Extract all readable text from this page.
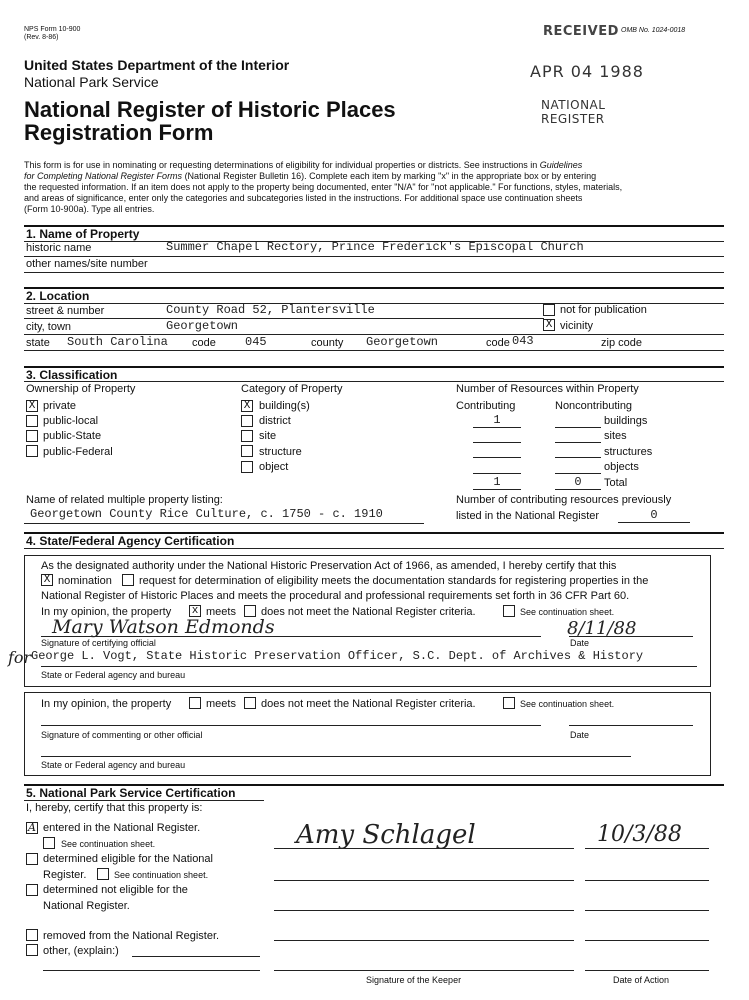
NPS Form 10-900
(Rev. 8-86)	RECEIVED OMB No. 1024-0018
APR 04 1988
NATIONAL
REGISTER
United States Department of the Interior
National Park Service
National Register of Historic Places
Registration Form
This form is for use in nominating or requesting determinations of eligibility for individual properties or districts. See instructions in Guidelines
for Completing National Register Forms (National Register Bulletin 16). Complete each item by marking "x" in the appropriate box or by entering
the requested information. If an item does not apply to the property being documented, enter "N/A" for "not applicable." For functions, styles, materials,
and areas of significance, enter only the categories and subcategories listed in the instructions. For additional space use continuation sheets
(Form 10-900a). Type all entries.
1. Name of Property
historic name	Summer Chapel Rectory, Prince Frederick's Episcopal Church
other names/site number
2. Location
street & number	County Road 52, Plantersville	not for publication
city, town	Georgetown	X vicinity
state South Carolina code 045	county Georgetown	code 043	zip code
3. Classification
Ownership of Property
X private
public-local
public-State
public-Federal
Category of Property
X building(s)
district
site
structure
object
Number of Resources within Property
Contributing	Noncontributing
1	buildings
sites
structures
objects
1	0	Total
Name of related multiple property listing:
Georgetown County Rice Culture, c. 1750 - c. 1910
Number of contributing resources previously
listed in the National Register	0
4. State/Federal Agency Certification
As the designated authority under the National Historic Preservation Act of 1966, as amended, I hereby certify that this
X nomination request for determination of eligibility meets the documentation standards for registering properties in the
National Register of Historic Places and meets the procedural and professional requirements set forth in 36 CFR Part 60.
In my opinion, the property x meets does not meet the National Register criteria.	See continuation sheet.
Mary Watson Edmonds	8/11/88
Signature of certifying official	Date
for George L. Vogt, State Historic Preservation Officer, S.C. Dept. of Archives & History
State or Federal agency and bureau
In my opinion, the property	meets does not meet the National Register criteria.	See continuation sheet.
Signature of commenting or other official	Date
State or Federal agency and bureau
5. National Park Service Certification
I, hereby, certify that this property is:
A entered in the National Register.
See continuation sheet.
determined eligible for the National
Register.	See continuation sheet.
determined not eligible for the
National Register.
removed from the National Register.
other, (explain:)
Amy Schlagel	10/3/88
Signature of the Keeper	Date of Action
